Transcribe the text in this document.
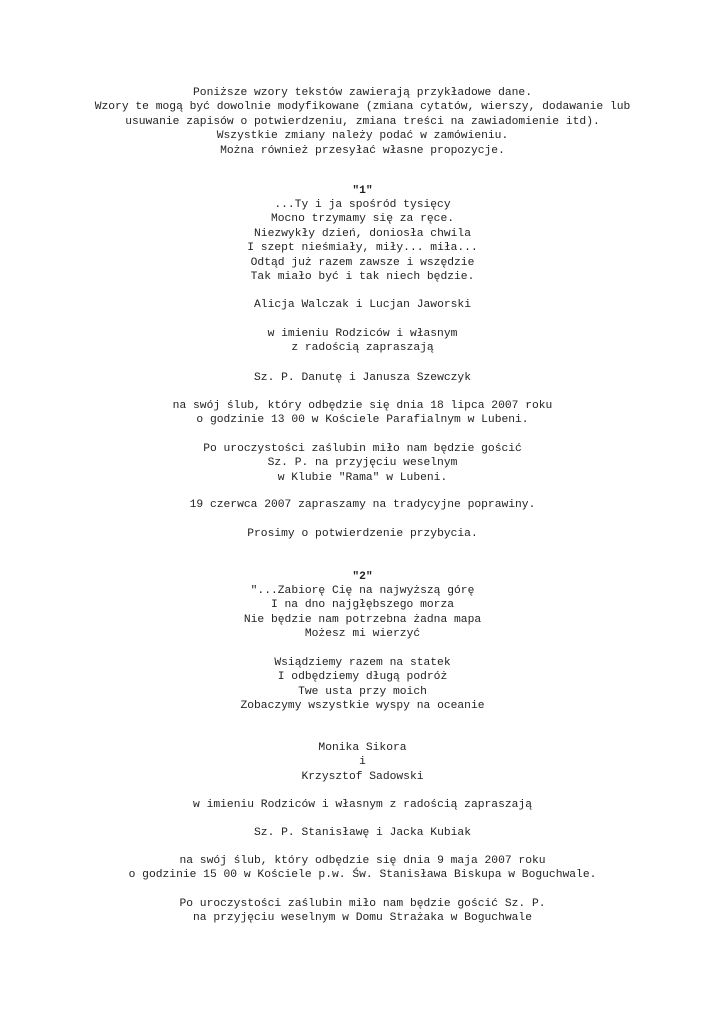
Poniższe wzory tekstów zawierają przykładowe dane.
Wzory te mogą być dowolnie modyfikowane (zmiana cytatów, wierszy, dodawanie lub
usuwanie zapisów o potwierdzeniu, zmiana treści na zawiadomienie itd).
Wszystkie zmiany należy podać w zamówieniu.
Można również przesyłać własne propozycje.
"1"
...Ty i ja spośród tysięcy
Mocno trzymamy się za ręce.
Niezwykły dzień, doniosła chwila
I szept nieśmiały, miły... miła...
Odtąd już razem zawsze i wszędzie
Tak miało być i tak niech będzie.
Alicja Walczak i Lucjan Jaworski
w imieniu Rodziców i własnym
z radością zapraszają
Sz. P. Danutę i Janusza Szewczyk
na swój ślub, który odbędzie się dnia 18 lipca 2007 roku
o godzinie 13 00 w Kościele Parafialnym w Lubeni.
Po uroczystości zaślubin miło nam będzie gościć
Sz. P. na przyjęciu weselnym
w Klubie "Rama" w Lubeni.
19 czerwca 2007 zapraszamy na tradycyjne poprawiny.
Prosimy o potwierdzenie przybycia.
"2"
"...Zabiorę Cię na najwyższą górę
I na dno najgłębszego morza
Nie będzie nam potrzebna żadna mapa
Możesz mi wierzyć
Wsiądziemy razem na statek
I odbędziemy długą podróż
Twe usta przy moich
Zobaczymy wszystkie wyspy na oceanie
Monika Sikora
i
Krzysztof Sadowski
w imieniu Rodziców i własnym z radością zapraszają
Sz. P. Stanisławę i Jacka Kubiak
na swój ślub, który odbędzie się dnia 9 maja 2007 roku
o godzinie 15 00 w Kościele p.w. Św. Stanisława Biskupa w Boguchwale.
Po uroczystości zaślubin miło nam będzie gościć Sz. P.
na przyjęciu weselnym w Domu Strażaka w Boguchwale
